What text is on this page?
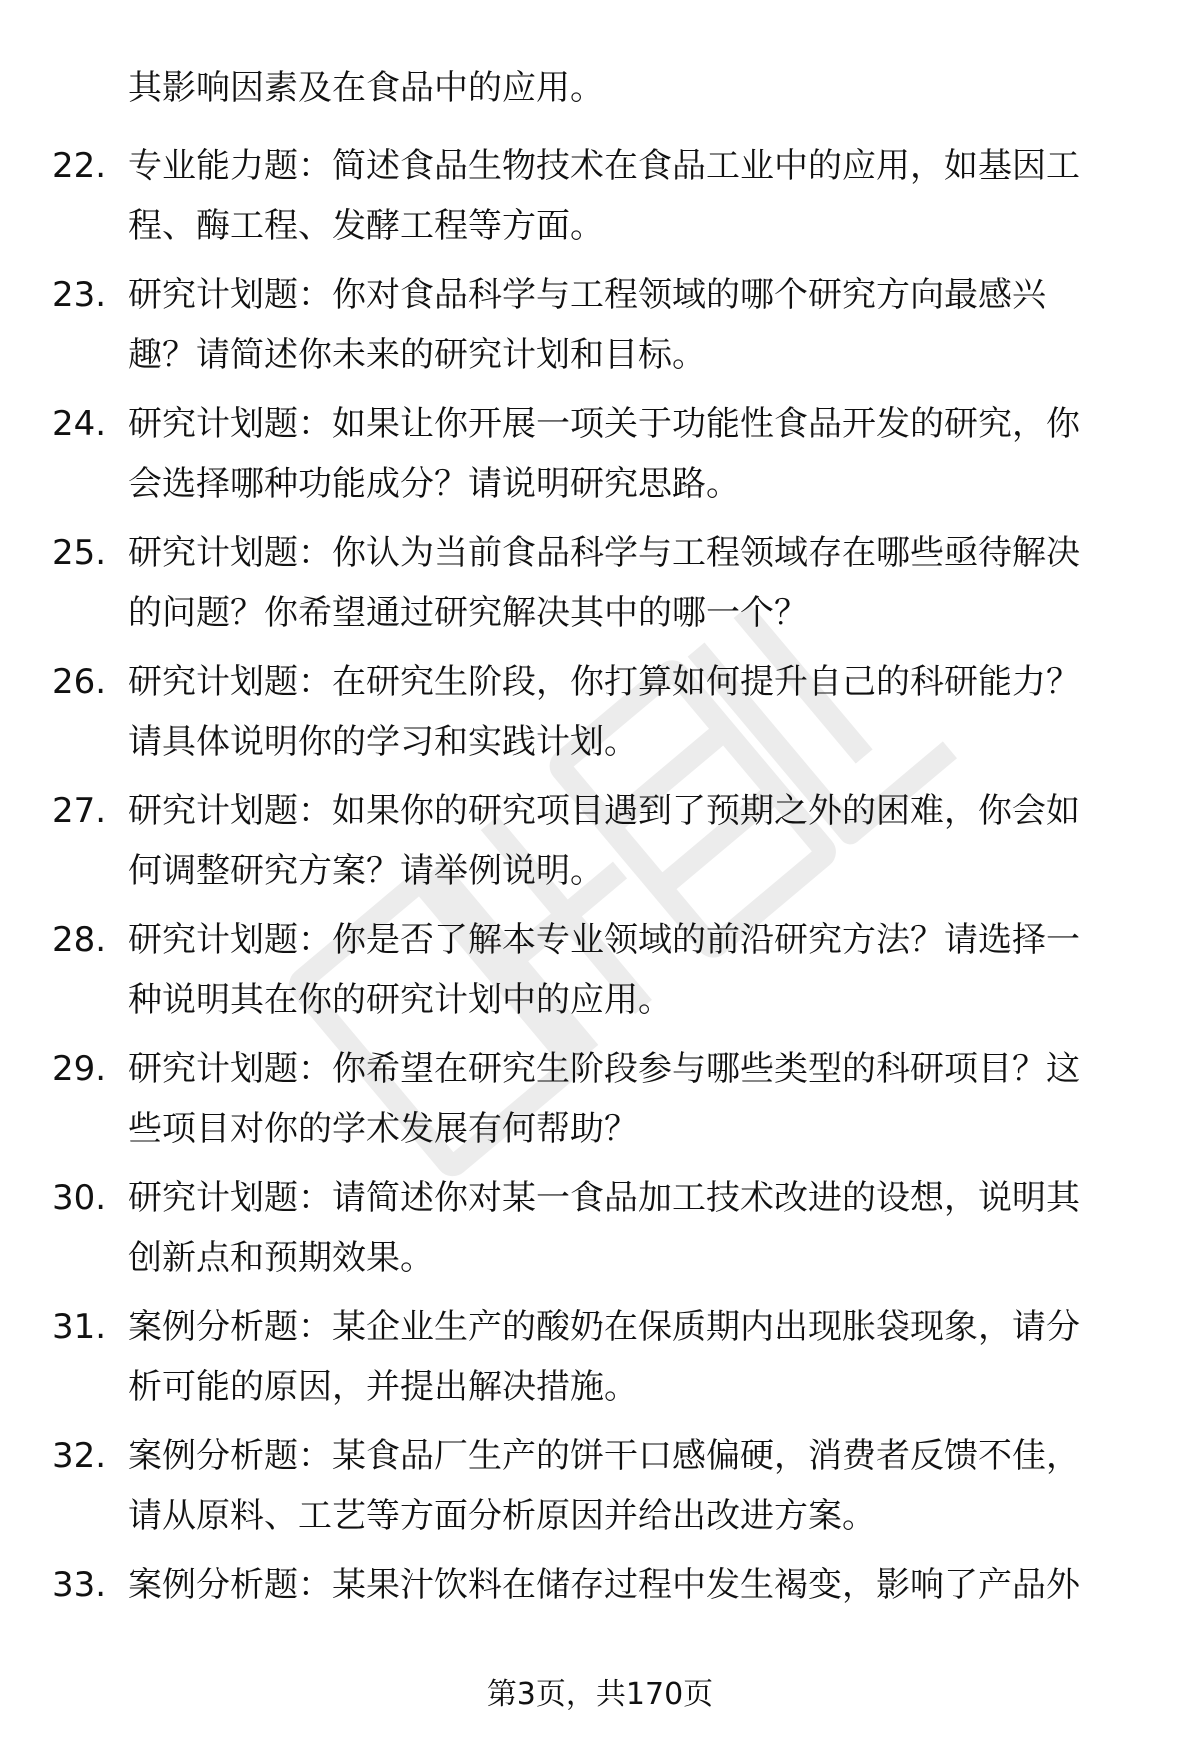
其影响因素及在食品中的应用。
22. 专业能力题：简述食品生物技术在食品工业中的应用，如基因工
程、酶工程、发酵工程等方面。
23. 研究计划题：你对食品科学与工程领域的哪个研究方向最感兴
趣？请简述你未来的研究计划和目标。
24. 研究计划题：如果让你开展一项关于功能性食品开发的研究，你
会选择哪种功能成分？请说明研究思路。
25. 研究计划题：你认为当前食品科学与工程领域存在哪些亟待解决
的问题？你希望通过研究解决其中的哪一个？
26. 研究计划题：在研究生阶段，你打算如何提升自己的科研能力？
请具体说明你的学习和实践计划。
27. 研究计划题：如果你的研究项目遇到了预期之外的困难，你会如
何调整研究方案？请举例说明。
28. 研究计划题：你是否了解本专业领域的前沿研究方法？请选择一
种说明其在你的研究计划中的应用。
29. 研究计划题：你希望在研究生阶段参与哪些类型的科研项目？这
些项目对你的学术发展有何帮助？
30. 研究计划题：请简述你对某一食品加工技术改进的设想，说明其
创新点和预期效果。
31. 案例分析题：某企业生产的酸奶在保质期内出现胀袋现象，请分
析可能的原因，并提出解决措施。
32. 案例分析题：某食品厂生产的饼干口感偏硬，消费者反馈不佳，
请从原料、工艺等方面分析原因并给出改进方案。
33. 案例分析题：某果汁饮料在储存过程中发生褐变，影响了产品外
第3页，共170页
